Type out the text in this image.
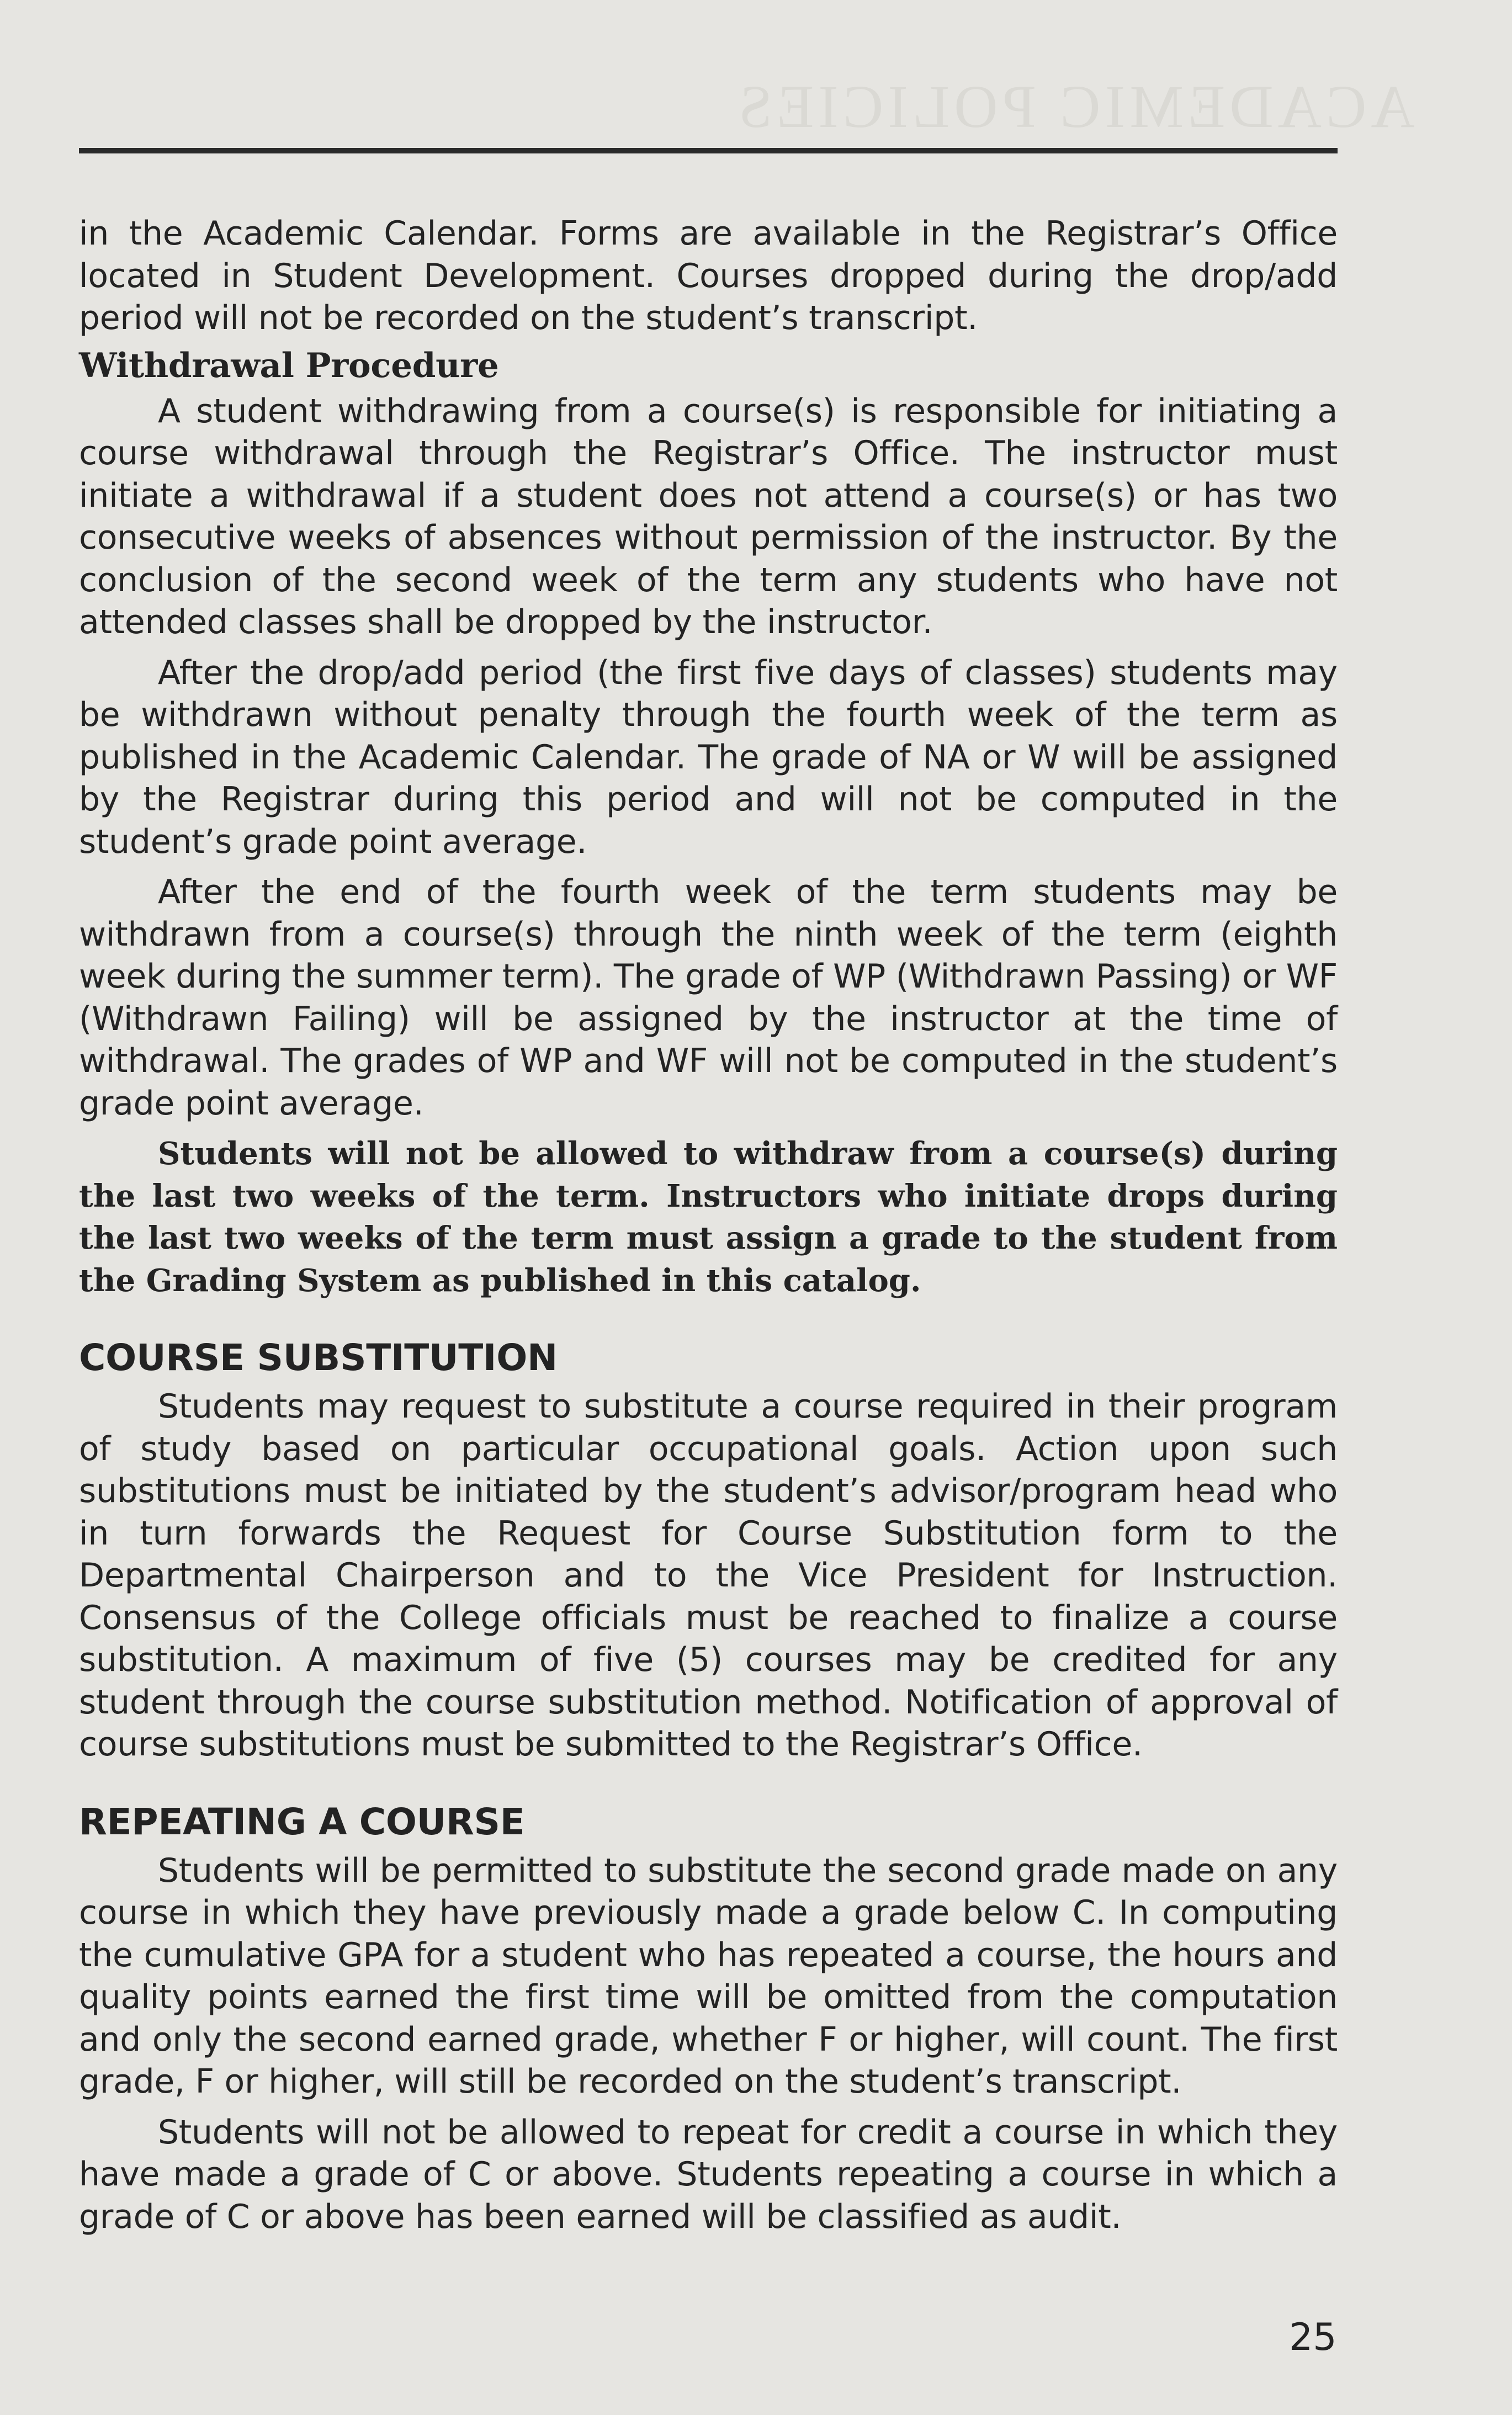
ACADEMIC POLICIES

in the Academic Calendar. Forms are available in the Registrar’s Office located in Student Development. Courses dropped during the drop/add period will not be recorded on the student’s transcript.

Withdrawal Procedure

A student withdrawing from a course(s) is responsible for initiating a course withdrawal through the Registrar’s Office. The instructor must initiate a withdrawal if a student does not attend a course(s) or has two consecutive weeks of absences without permission of the instructor. By the conclusion of the second week of the term any students who have not attended classes shall be dropped by the instructor.

After the drop/add period (the first five days of classes) students may be withdrawn without penalty through the fourth week of the term as published in the Academic Calendar. The grade of NA or W will be assigned by the Registrar during this period and will not be computed in the student’s grade point average.

After the end of the fourth week of the term students may be withdrawn from a course(s) through the ninth week of the term (eighth week during the summer term). The grade of WP (Withdrawn Passing) or WF (Withdrawn Failing) will be assigned by the instructor at the time of withdrawal. The grades of WP and WF will not be computed in the student’s grade point average.

Students will not be allowed to withdraw from a course(s) during the last two weeks of the term. Instructors who initiate drops during the last two weeks of the term must assign a grade to the student from the Grading System as published in this catalog.

COURSE SUBSTITUTION

Students may request to substitute a course required in their program of study based on particular occupational goals. Action upon such substitutions must be initiated by the student’s advisor/program head who in turn forwards the Request for Course Substitution form to the Departmental Chairperson and to the Vice President for Instruction. Consensus of the College officials must be reached to finalize a course substitution. A maximum of five (5) courses may be credited for any student through the course substitution method. Notification of approval of course substitutions must be submitted to the Registrar’s Office.

REPEATING A COURSE

Students will be permitted to substitute the second grade made on any course in which they have previously made a grade below C. In computing the cumulative GPA for a student who has repeated a course, the hours and quality points earned the first time will be omitted from the computation and only the second earned grade, whether F or higher, will count. The first grade, F or higher, will still be recorded on the student’s transcript.

Students will not be allowed to repeat for credit a course in which they have made a grade of C or above. Students repeating a course in which a grade of C or above has been earned will be classified as audit.

25
